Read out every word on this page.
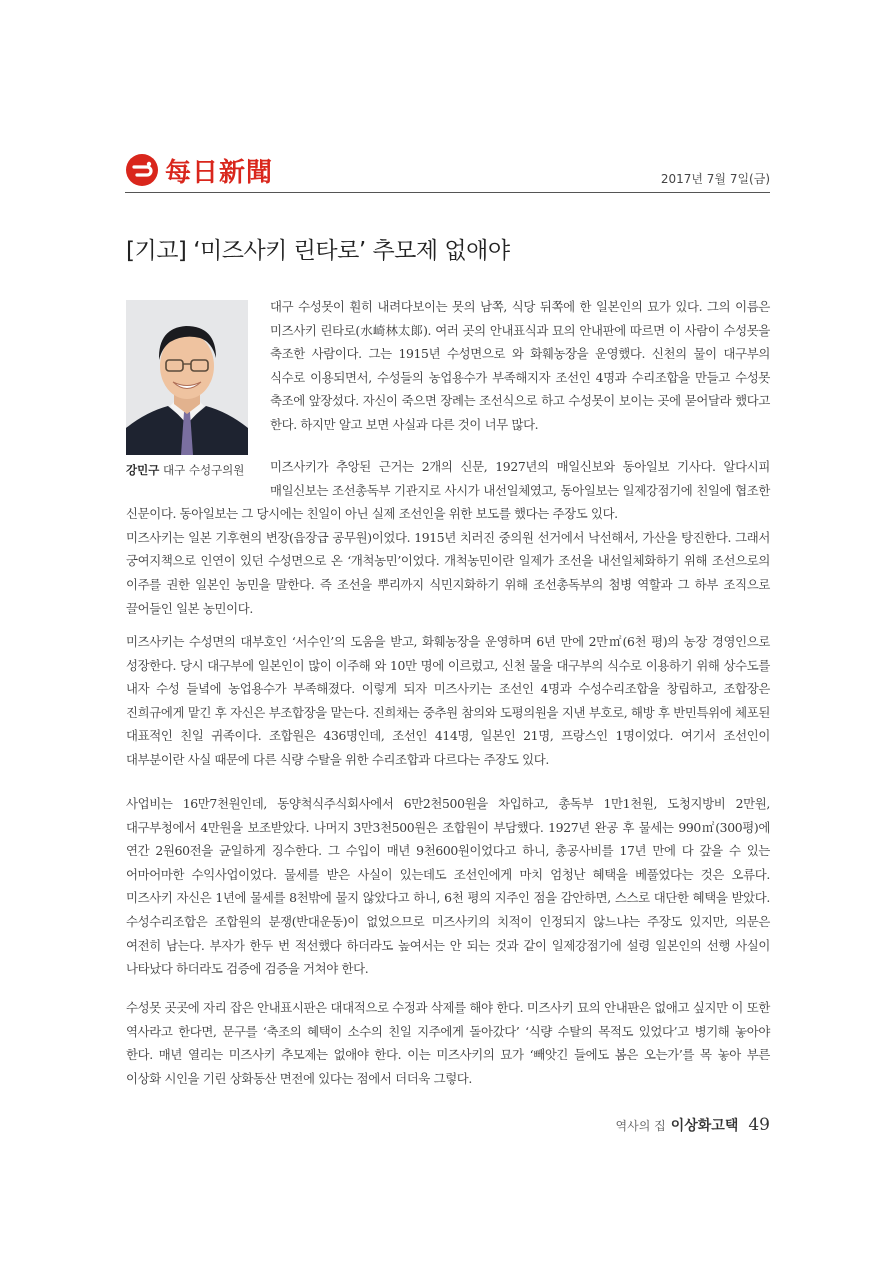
每日新聞	2017년 7월 7일(금)
[기고] ‘미즈사키 린타로’ 추모제 없애야
강민구 대구 수성구의원

대구 수성못이 훤히 내려다보이는 못의 남쪽, 식당 뒤쪽에 한 일본인의 묘가 있다. 그의 이름은 미즈사키 린타로(水崎林太郞). 여러 곳의 안내표식과 묘의 안내판에 따르면 이 사람이 수성못을 축조한 사람이다. 그는 1915년 수성면으로 와 화훼농장을 운영했다. 신천의 물이 대구부의 식수로 이용되면서, 수성들의 농업용수가 부족해지자 조선인 4명과 수리조합을 만들고 수성못 축조에 앞장섰다. 자신이 죽으면 장례는 조선식으로 하고 수성못이 보이는 곳에 묻어달라 했다고 한다. 하지만 알고 보면 사실과 다른 것이 너무 많다.

미즈사키가 추앙된 근거는 2개의 신문, 1927년의 매일신보와 동아일보 기사다. 알다시피 매일신보는 조선총독부 기관지로 사시가 내선일체였고, 동아일보는 일제강점기에 친일에 협조한 신문이다. 동아일보는 그 당시에는 친일이 아닌 실제 조선인을 위한 보도를 했다는 주장도 있다.

미즈사키는 일본 기후현의 변장(읍장급 공무원)이었다. 1915년 치러진 중의원 선거에서 낙선해서, 가산을 탕진한다. 그래서 궁여지책으로 인연이 있던 수성면으로 온 ‘개척농민’이었다. 개척농민이란 일제가 조선을 내선일체화하기 위해 조선으로의 이주를 권한 일본인 농민을 말한다. 즉 조선을 뿌리까지 식민지화하기 위해 조선총독부의 첨병 역할과 그 하부 조직으로 끌어들인 일본 농민이다.

미즈사키는 수성면의 대부호인 ‘서수인’의 도움을 받고, 화훼농장을 운영하며 6년 만에 2만㎡(6천 평)의 농장 경영인으로 성장한다. 당시 대구부에 일본인이 많이 이주해 와 10만 명에 이르렀고, 신천 물을 대구부의 식수로 이용하기 위해 상수도를 내자 수성 들녘에 농업용수가 부족해졌다. 이렇게 되자 미즈사키는 조선인 4명과 수성수리조합을 창립하고, 조합장은 진희규에게 맡긴 후 자신은 부조합장을 맡는다. 진희채는 중추원 참의와 도평의원을 지낸 부호로, 해방 후 반민특위에 체포된 대표적인 친일 귀족이다. 조합원은 436명인데, 조선인 414명, 일본인 21명, 프랑스인 1명이었다. 여기서 조선인이 대부분이란 사실 때문에 다른 식량 수탈을 위한 수리조합과 다르다는 주장도 있다.

사업비는 16만7천원인데, 동양척식주식회사에서 6만2천500원을 차입하고, 총독부 1만1천원, 도청지방비 2만원, 대구부청에서 4만원을 보조받았다. 나머지 3만3천500원은 조합원이 부담했다. 1927년 완공 후 물세는 990㎡(300평)에 연간 2원60전을 균일하게 징수한다. 그 수입이 매년 9천600원이었다고 하니, 총공사비를 17년 만에 다 갚을 수 있는 어마어마한 수익사업이었다. 물세를 받은 사실이 있는데도 조선인에게 마치 엄청난 혜택을 베풀었다는 것은 오류다. 미즈사키 자신은 1년에 물세를 8천밖에 물지 않았다고 하니, 6천 평의 지주인 점을 감안하면, 스스로 대단한 혜택을 받았다. 수성수리조합은 조합원의 분쟁(반대운동)이 없었으므로 미즈사키의 치적이 인정되지 않느냐는 주장도 있지만, 의문은 여전히 남는다. 부자가 한두 번 적선했다 하더라도 높여서는 안 되는 것과 같이 일제강점기에 설령 일본인의 선행 사실이 나타났다 하더라도 검증에 검증을 거쳐야 한다.

수성못 곳곳에 자리 잡은 안내표시판은 대대적으로 수정과 삭제를 해야 한다. 미즈사키 묘의 안내판은 없애고 싶지만 이 또한 역사라고 한다면, 문구를 ‘축조의 혜택이 소수의 친일 지주에게 돌아갔다’ ‘식량 수탈의 목적도 있었다’고 병기해 놓아야 한다. 매년 열리는 미즈사키 추모제는 없애야 한다. 이는 미즈사키의 묘가 ‘빼앗긴 들에도 봄은 오는가’를 목 놓아 부른 이상화 시인을 기린 상화동산 면전에 있다는 점에서 더더욱 그렇다.

역사의 집 이상화고택 49
